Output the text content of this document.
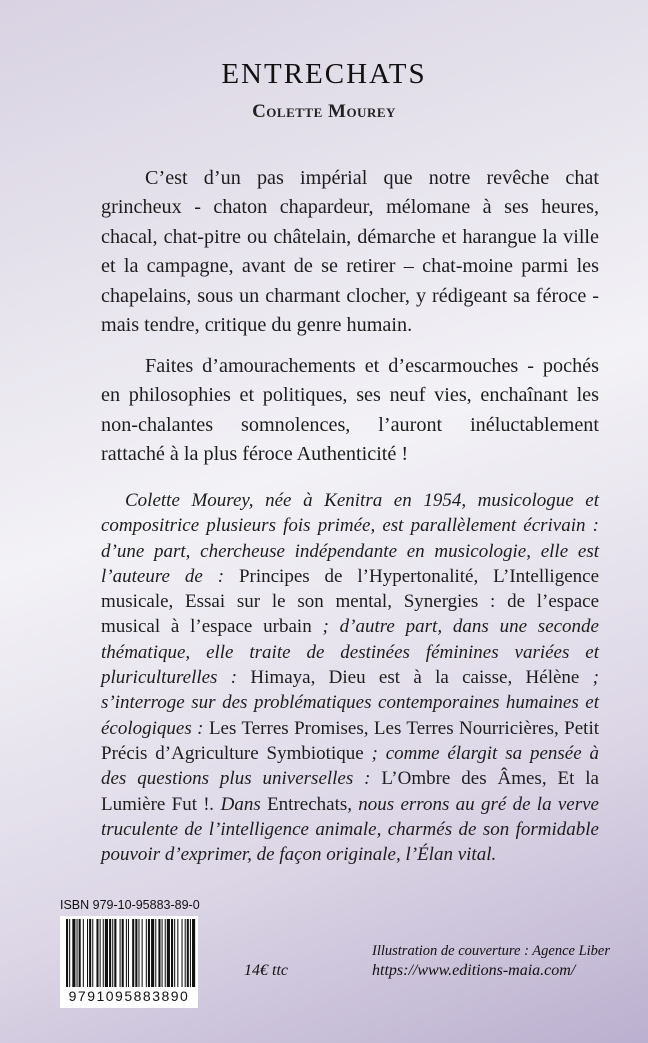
ENTRECHATS
Colette Mourey

C’est d’un pas impérial que notre revêche chat grincheux - chaton chapardeur, mélomane à ses heures, chacal, chat-pitre ou châtelain, démarche et harangue la ville et la campagne, avant de se retirer – chat-moine parmi les chapelains, sous un charmant clocher, y rédigeant sa féroce - mais tendre, critique du genre humain.

Faites d’amourachements et d’escarmouches - pochés en philosophies et politiques, ses neuf vies, enchaînant les non-chalantes somnolences, l’auront inéluctablement rattaché à la plus féroce Authenticité !

Colette Mourey, née à Kenitra en 1954, musicologue et compositrice plusieurs fois primée, est parallèlement écrivain : d’une part, chercheuse indépendante en musicologie, elle est l’auteure de : Principes de l’Hypertonalité, L’Intelligence musicale, Essai sur le son mental, Synergies : de l’espace musical à l’espace urbain ; d’autre part, dans une seconde thématique, elle traite de destinées féminines variées et pluriculturelles : Himaya, Dieu est à la caisse, Hélène ; s’interroge sur des problématiques contemporaines humaines et écologiques : Les Terres Promises, Les Terres Nourricières, Petit Précis d’Agriculture Symbiotique ; comme élargit sa pensée à des questions plus universelles : L’Ombre des Âmes, Et la Lumière Fut !. Dans Entrechats, nous errons au gré de la verve truculente de l’intelligence animale, charmés de son formidable pouvoir d’exprimer, de façon originale, l’Élan vital.

ISBN 979-10-95883-89-0
9791095883890
14€ ttc
Illustration de couverture : Agence Liber
https://www.editions-maia.com/
